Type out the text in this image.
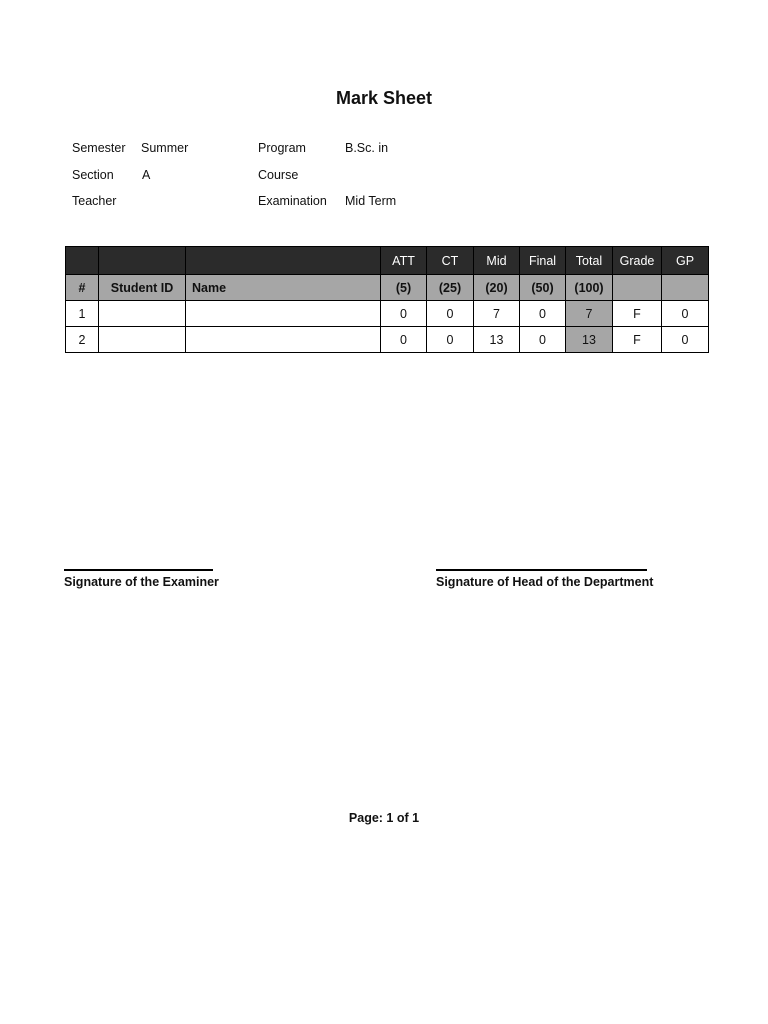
Mark Sheet
Semester Summer
Section A
Teacher
Program	B.Sc. in
Course
Examination Mid Term
			ATT	CT	Mid	Final	Total	Grade	GP
#	Student ID	Name	(5)	(25)	(20)	(50)	(100)		
1			0	0	7	0	7	F	0
2			0	0	13	0	13	F	0
Signature of the Examiner	Signature of Head of the Department
Page: 1 of 1
